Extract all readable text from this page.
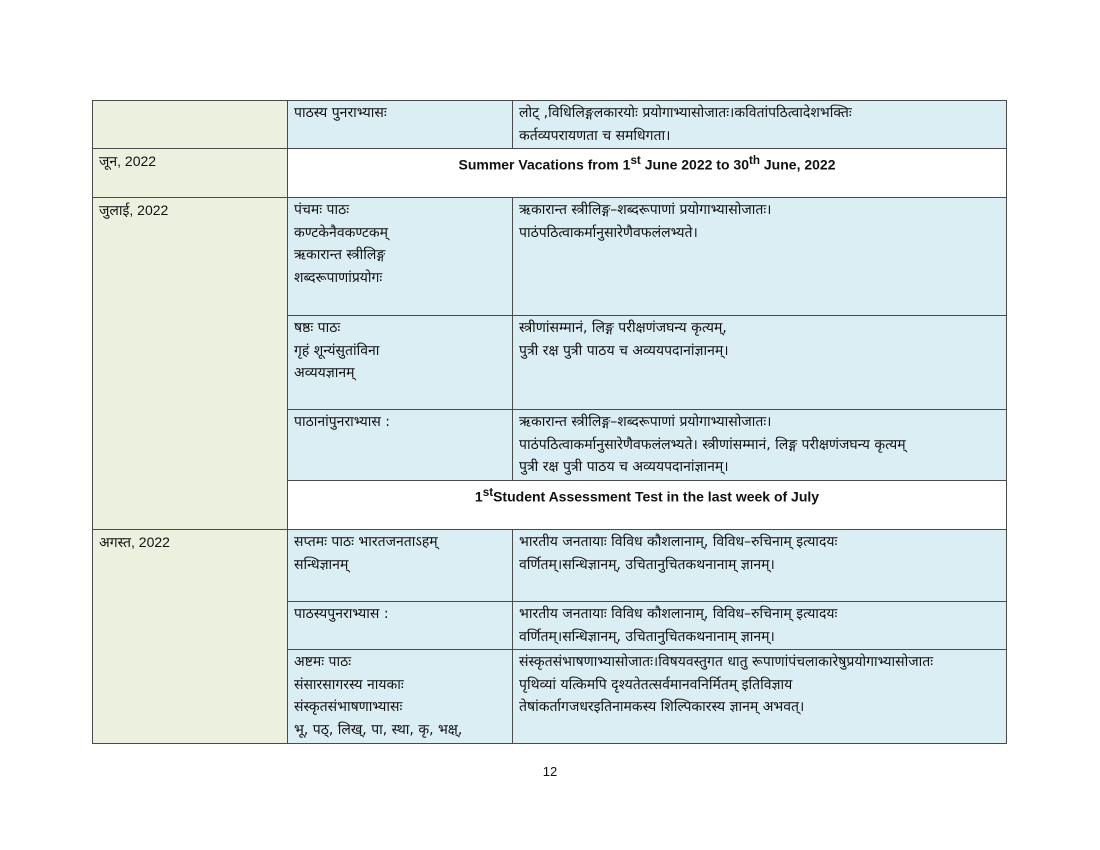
	पाठस्य पुनराभ्यासः	लोट् ,विधिलिङ्गलकारयोः प्रयोगाभ्यासोजातः।कवितांपठित्वादेशभक्तिः
कर्तव्यपरायणता च समधिगता।

जून, 2022	Summer Vacations from 1st June 2022 to 30th June, 2022	
जुलाई, 2022	पंचमः पाठः
कण्टकेनैवकण्टकम्
ऋकारान्त स्त्रीलिङ्ग
शब्दरूपाणांप्रयोगः	ऋकारान्त स्त्रीलिङ्ग–शब्दरूपाणां प्रयोगाभ्यासोजातः।
पाठंपठित्वाकर्मानुसारेणैवफलंलभ्यते।

	षष्ठः पाठः
गृहं शून्यंसुतांविना
अव्ययज्ञानम्	स्त्रीणांसम्मानं, लिङ्ग परीक्षणंजघन्य कृत्यम्,
पुत्री रक्ष पुत्री पाठय च अव्ययपदानांज्ञानम्।

	पाठानांपुनराभ्यास :	ऋकारान्त स्त्रीलिङ्ग–शब्दरूपाणां प्रयोगाभ्यासोजातः।
पाठंपठित्वाकर्मानुसारेणैवफलंलभ्यते। स्त्रीणांसम्मानं, लिङ्ग परीक्षणंजघन्य कृत्यम्
पुत्री रक्ष पुत्री पाठय च अव्ययपदानांज्ञानम्।

	1stStudent Assessment Test in the last week of July	
अगस्त, 2022	सप्तमः पाठः भारतजनताऽहम्
सन्धिज्ञानम्	भारतीय जनतायाः विविध कौशलानाम्, विविध–रुचिनाम् इत्यादयः
वर्णितम्।सन्धिज्ञानम्, उचितानुचितकथनानाम् ज्ञानम्।

	पाठस्यपुनराभ्यास :	भारतीय जनतायाः विविध कौशलानाम्, विविध–रुचिनाम् इत्यादयः
वर्णितम्।सन्धिज्ञानम्, उचितानुचितकथनानाम् ज्ञानम्।

	अष्टमः पाठः
संसारसागरस्य नायकाः
संस्कृतसंभाषणाभ्यासः
भू, पठ्, लिख्, पा, स्था, कृ, भक्ष्,	संस्कृतसंभाषणाभ्यासोजातः।विषयवस्तुगत धातु रूपाणांपंचलाकारेषुप्रयोगाभ्यासोजातः
पृथिव्यां यत्किमपि दृश्यतेतत्सर्वमानवनिर्मितम् इतिविज्ञाय
तेषांकर्तागजधरइतिनामकस्य शिल्पिकारस्य ज्ञानम् अभवत्।
12
